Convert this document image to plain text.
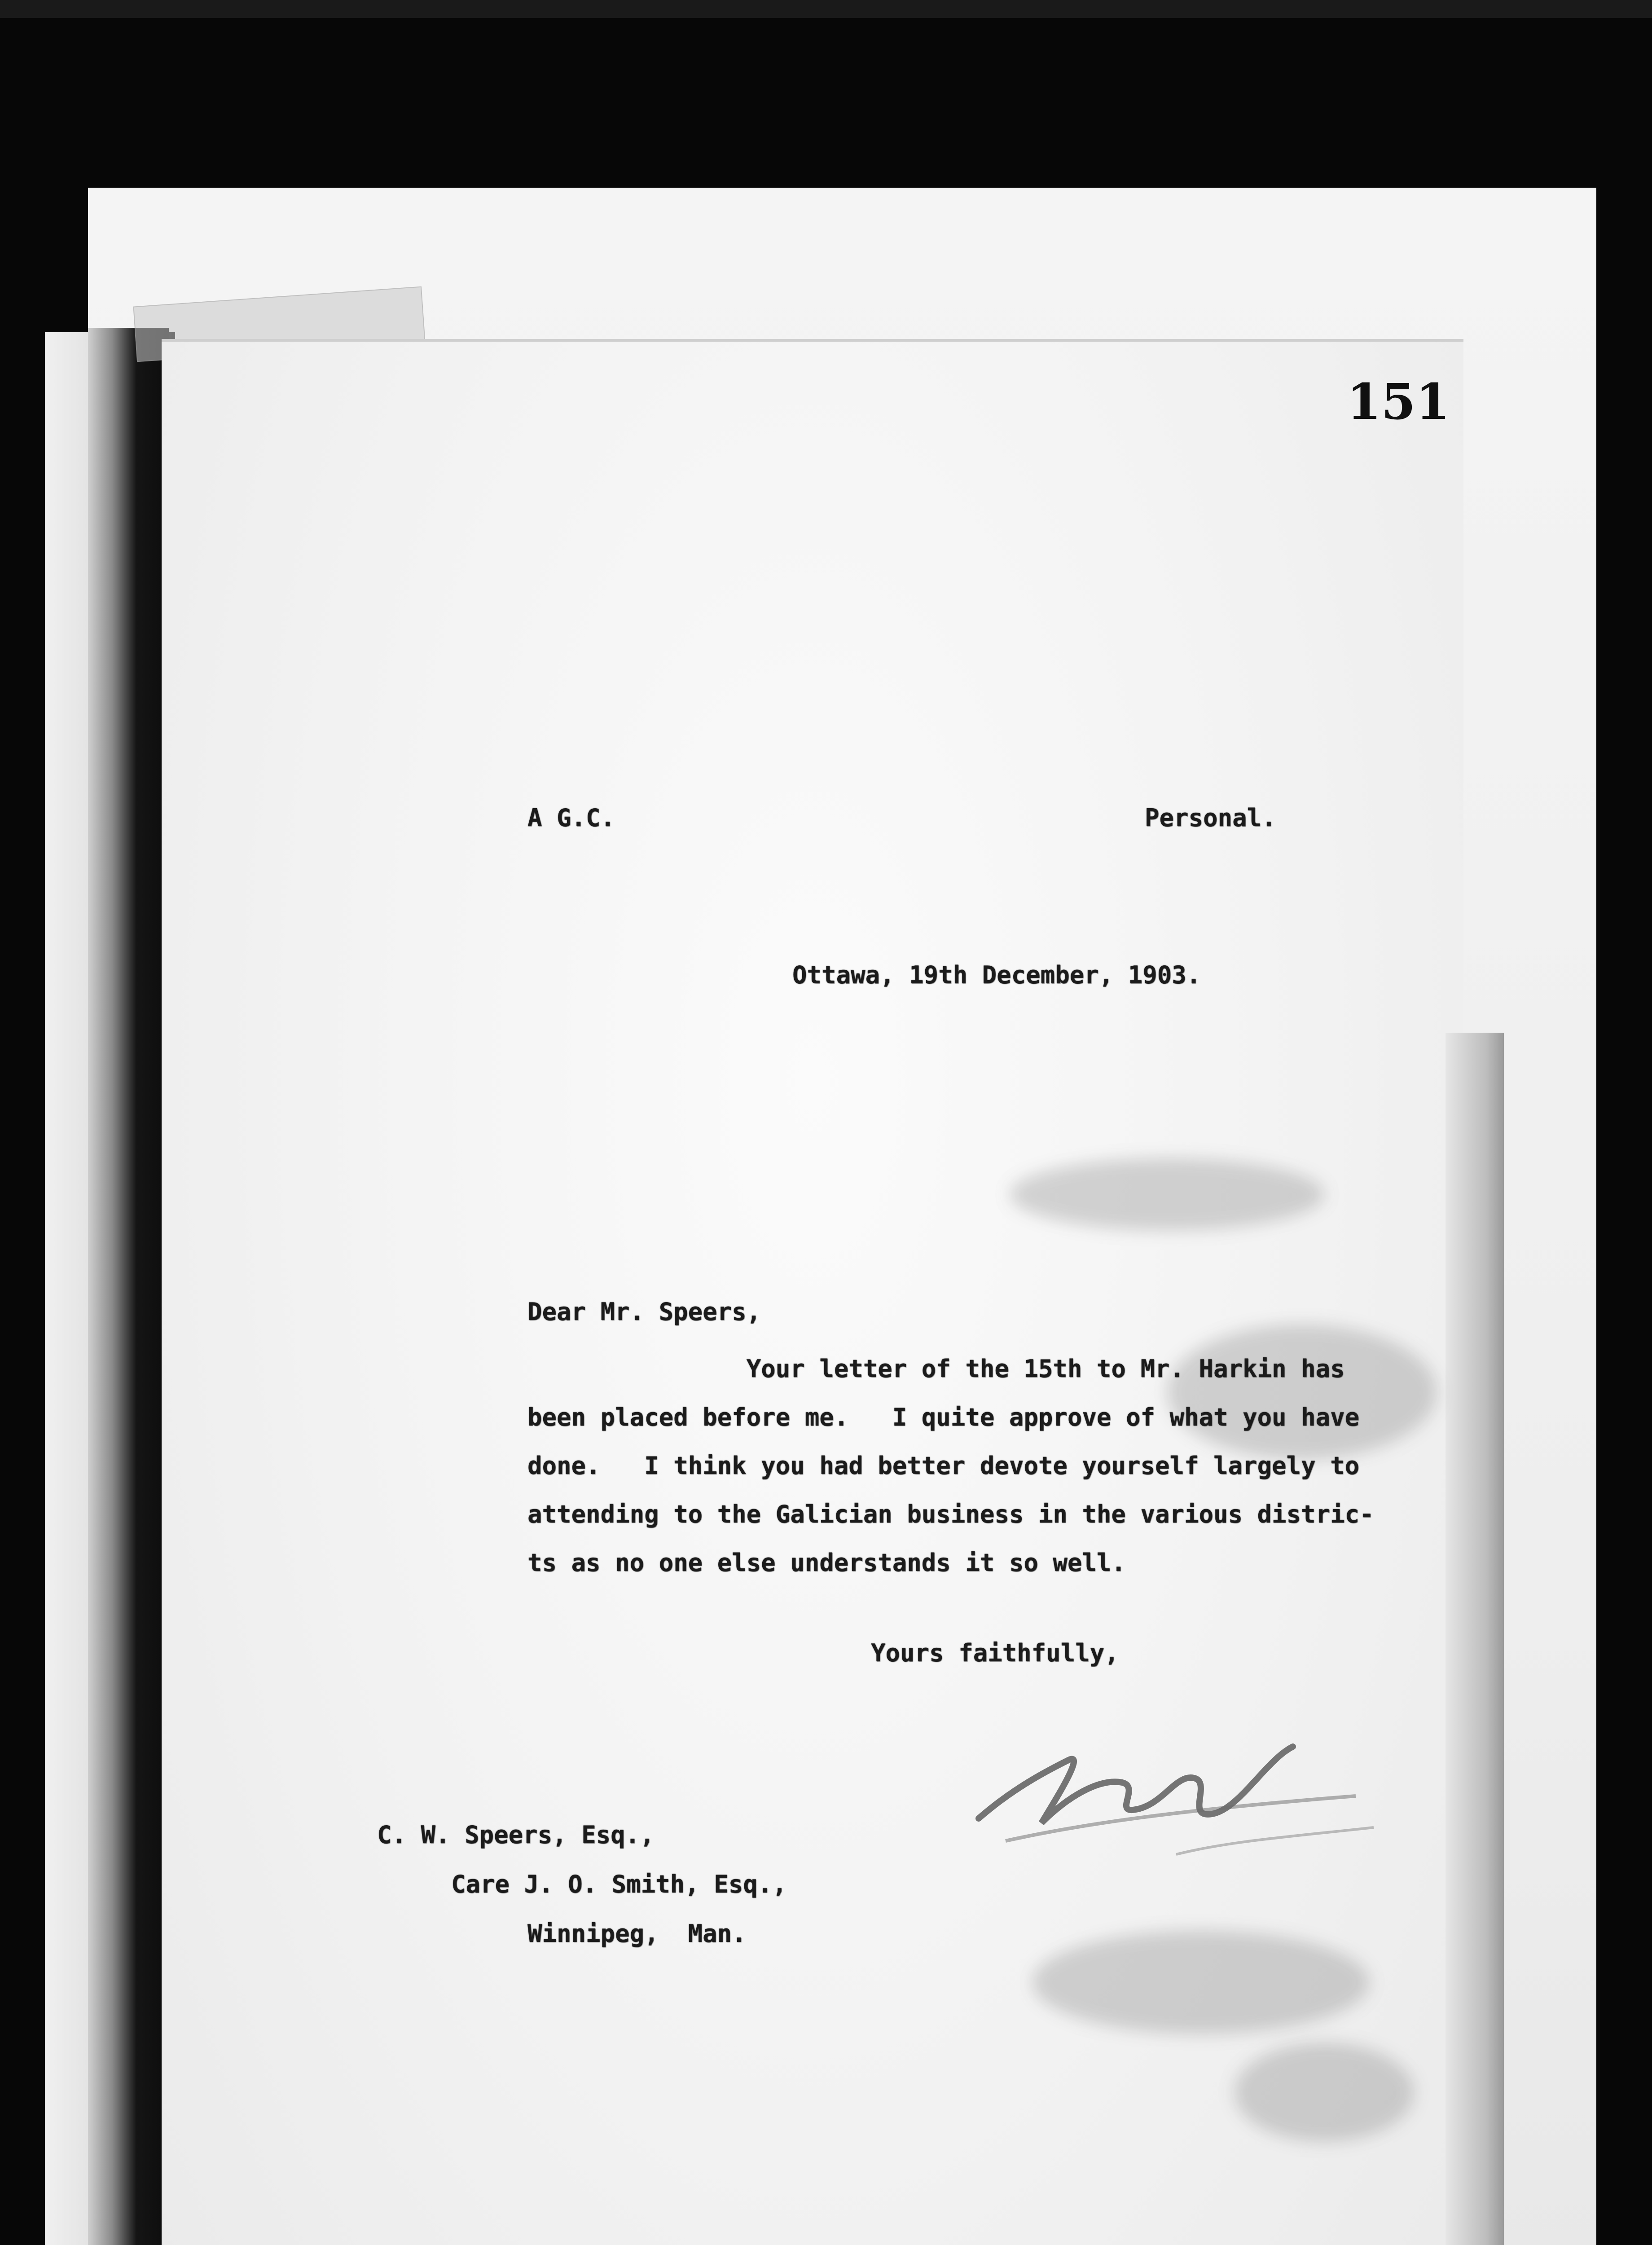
151
A G.C.	Personal.
Ottawa, 19th December, 1903.
Dear Mr. Speers,
Your letter of the 15th to Mr. Harkin has
been placed before me.   I quite approve of what you have
done.   I think you had better devote yourself largely to
attending to the Galician business in the various distric-
ts as no one else understands it so well.
Yours faithfully,
C. W. Speers, Esq.,
Care J. O. Smith, Esq.,
Winnipeg,  Man.
